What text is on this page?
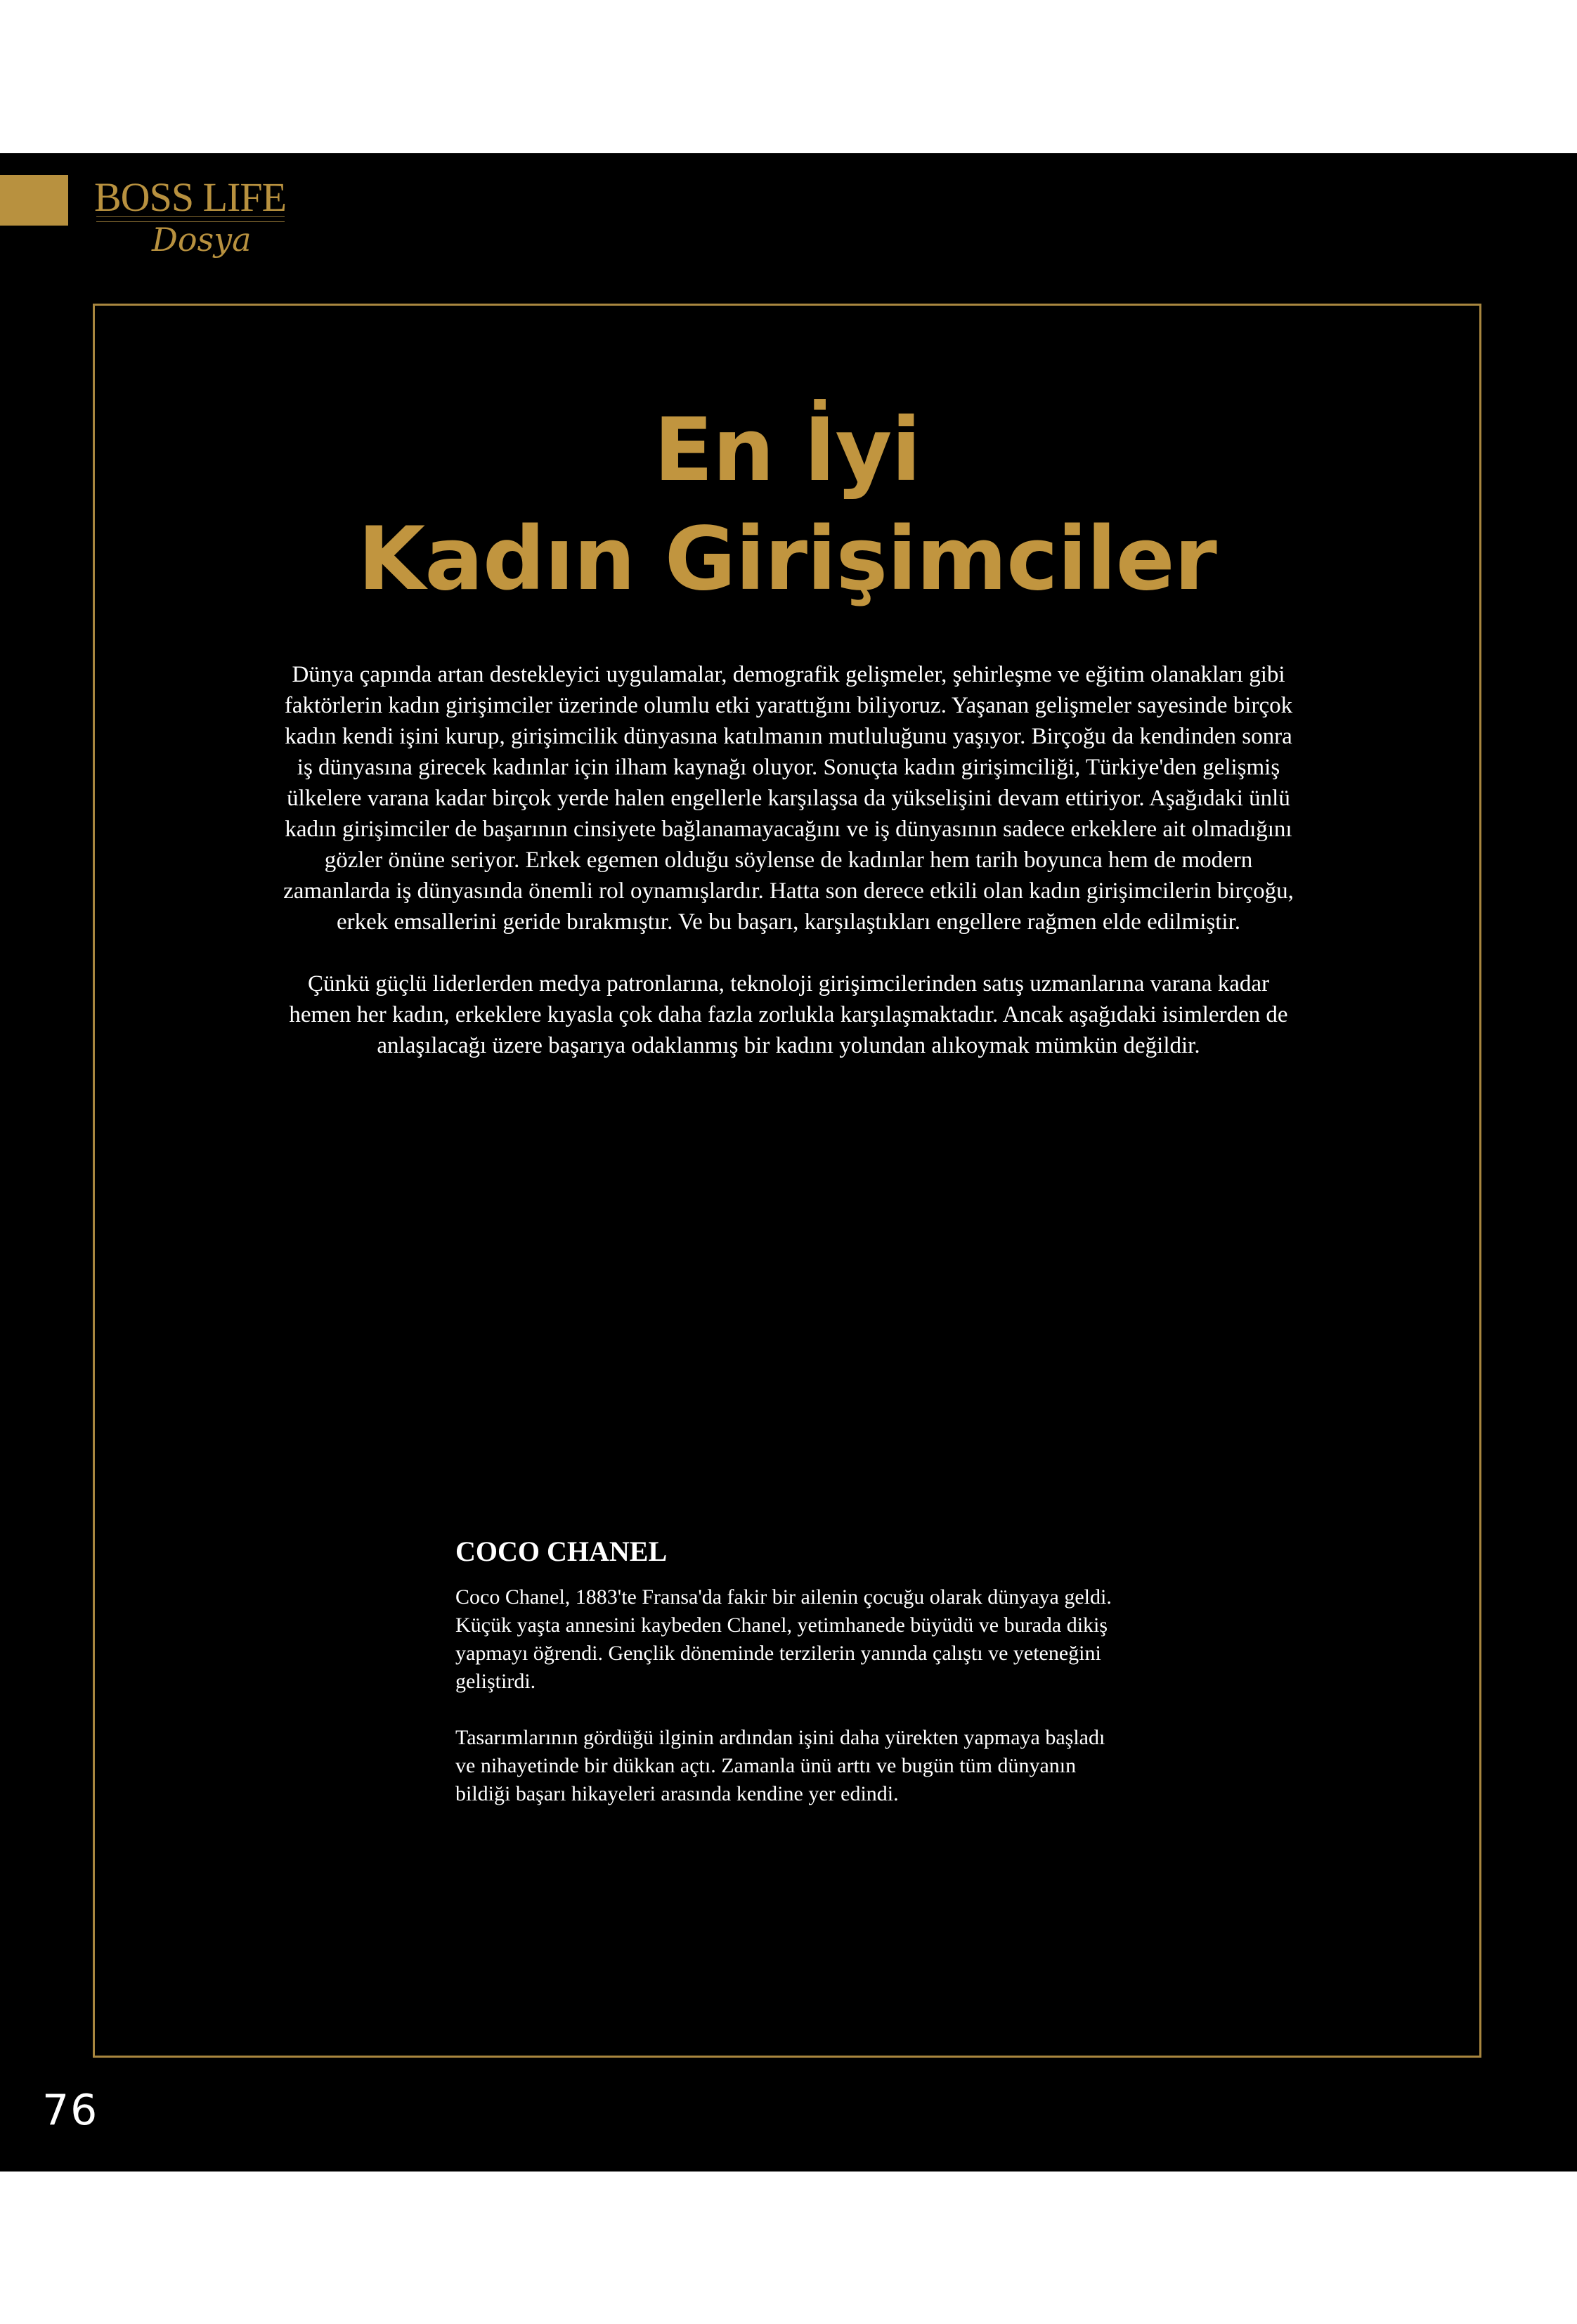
BOSS LIFE
Dosya
En İyi
Kadın Girişimciler

Dünya çapında artan destekleyici uygulamalar, demografik gelişmeler, şehirleşme ve eğitim olanakları gibi faktörlerin kadın girişimciler üzerinde olumlu etki yarattığını biliyoruz. Yaşanan gelişmeler sayesinde birçok kadın kendi işini kurup, girişimcilik dünyasına katılmanın mutluluğunu yaşıyor. Birçoğu da kendinden sonra iş dünyasına girecek kadınlar için ilham kaynağı oluyor. Sonuçta kadın girişimciliği, Türkiye'den gelişmiş ülkelere varana kadar birçok yerde halen engellerle karşılaşsa da yükselişini devam ettiriyor. Aşağıdaki ünlü kadın girişimciler de başarının cinsiyete bağlanamayacağını ve iş dünyasının sadece erkeklere ait olmadığını gözler önüne seriyor. Erkek egemen olduğu söylense de kadınlar hem tarih boyunca hem de modern zamanlarda iş dünyasında önemli rol oynamışlardır. Hatta son derece etkili olan kadın girişimcilerin birçoğu, erkek emsallerini geride bırakmıştır. Ve bu başarı, karşılaştıkları engellere rağmen elde edilmiştir.

Çünkü güçlü liderlerden medya patronlarına, teknoloji girişimcilerinden satış uzmanlarına varana kadar hemen her kadın, erkeklere kıyasla çok daha fazla zorlukla karşılaşmaktadır. Ancak aşağıdaki isimlerden de anlaşılacağı üzere başarıya odaklanmış bir kadını yolundan alıkoymak mümkün değildir.

COCO CHANEL

Coco Chanel, 1883'te Fransa'da fakir bir ailenin çocuğu olarak dünyaya geldi. Küçük yaşta annesini kaybeden Chanel, yetimhanede büyüdü ve burada dikiş yapmayı öğrendi. Gençlik döneminde terzilerin yanında çalıştı ve yeteneğini geliştirdi.

Tasarımlarının gördüğü ilginin ardından işini daha yürekten yapmaya başladı ve nihayetinde bir dükkan açtı. Zamanla ünü arttı ve bugün tüm dünyanın bildiği başarı hikayeleri arasında kendine yer edindi.

76
